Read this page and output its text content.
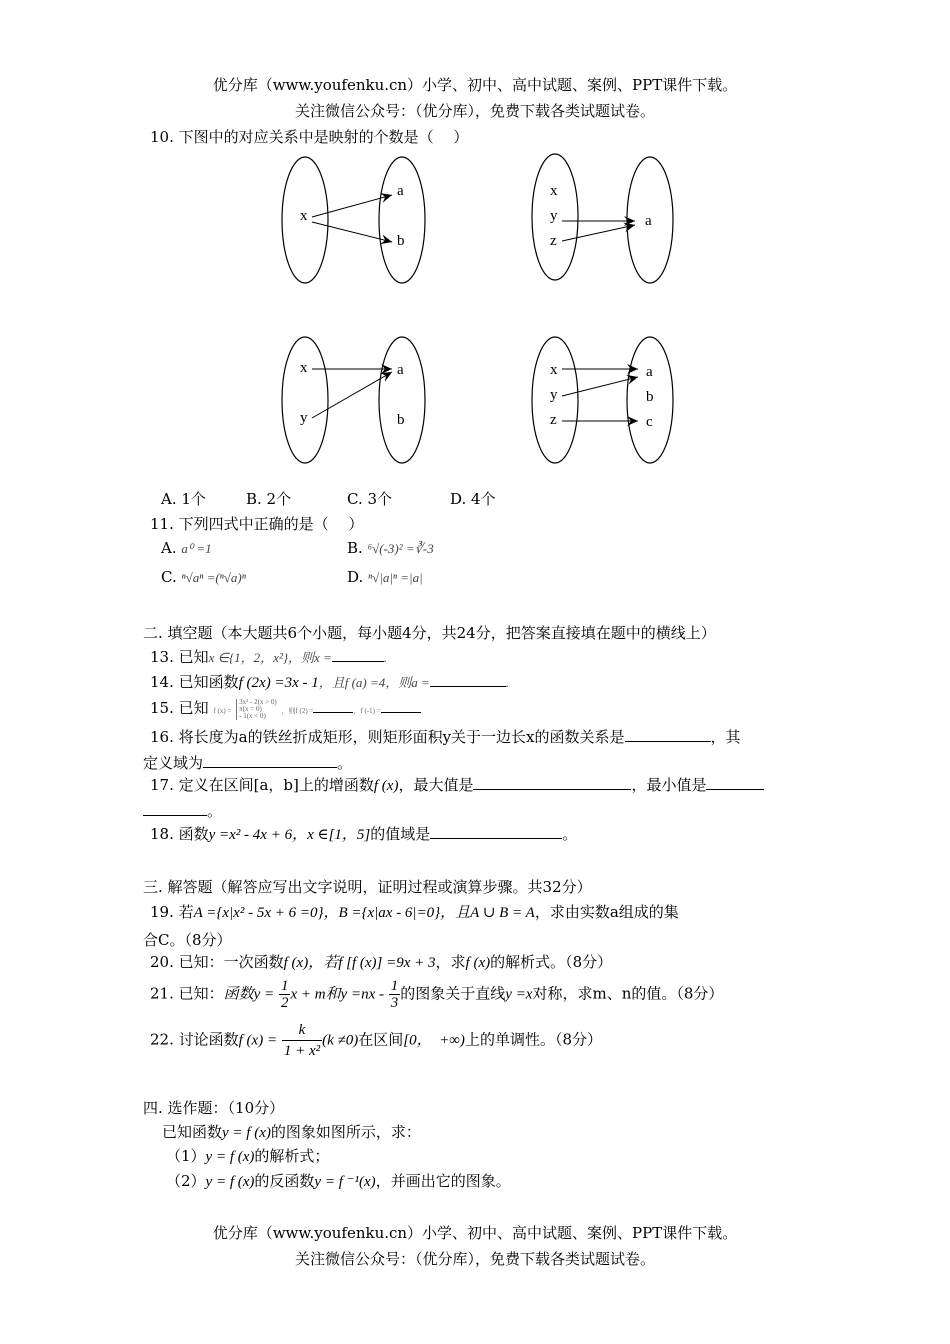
优分库（www.youfenku.cn）小学、初中、高中试题、案例、PPT课件下载。
关注微信公众号：（优分库），免费下载各类试题试卷。
10. 下图中的对应关系中是映射的个数是（　 ）
x
a
b
x
y
z
a
x
y
a
b
x
y
z
a
b
c
A. 1个	B. 2个	C. 3个	D. 4个
11. 下列四式中正确的是（　 ）
A. a⁰ =1	B. ⁶√(-3)² =∛-3
C. ⁿ√aⁿ =(ⁿ√a)ⁿ	D. ⁿ√|a|ⁿ =|a|
二. 填空题（本大题共6个小题，每小题4分，共24分，把答案直接填在题中的横线上）
13. 已知x ∈{1，2，x²}，则x =	.
14. 已知函数f (2x) =3x - 1，且f (a) =4，则a =	.
15. 已知 f (x) =
3x² - 2(x > 0)
π(x = 0)
- 1(x < 0)
，则f (2) =	，f (-1) =
16. 将长度为a的铁丝折成矩形，则矩形面积y关于一边长x的函数关系是	，其
定义域为	。
17. 定义在区间[a，b]上的增函数f (x)，最大值是	，最小值是
。
18. 函数y =x² - 4x + 6，x ∈[1，5]的值域是	。
三. 解答题（解答应写出文字说明，证明过程或演算步骤。共32分）
19. 若A ={x|x² - 5x + 6 =0}，B ={x|ax - 6|=0}，且A ∪ B = A，求由实数a组成的集
合C。（8分）
20. 已知：一次函数f (x)，若f [f (x)] =9x + 3，求f (x)的解析式。（8分）
21. 已知：函数$y = \frac{1}{2}$ x + m和$y =nx - \frac{1}{3}$ 的图象关于直线y =x对称，求m、n的值。（8分）
22. 讨论函数f $(x) = \frac{k}{\text{1 + x²}} (k \ne 0)$在区间[0，　+∞)上的单调性。（8分）
四. 选作题：（10分）
已知函数y = f (x)的图象如图所示，求：
（1）y = f (x)的解析式；
（2）y = f (x)的反函数y = f ⁻¹(x)，并画出它的图象。
优分库（www.youfenku.cn）小学、初中、高中试题、案例、PPT课件下载。
关注微信公众号：（优分库），免费下载各类试题试卷。
